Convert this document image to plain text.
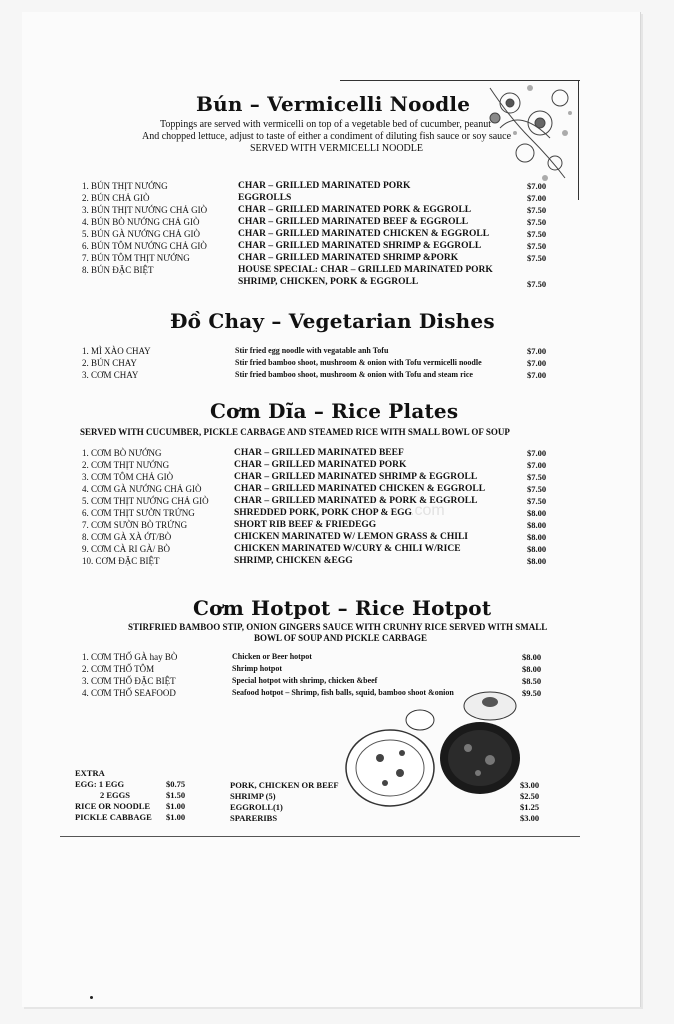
Bún – Vermicelli Noodle
Toppings are served with vermicelli on top of a vegetable bed of cucumber, peanut
And chopped lettuce, adjust to taste of either a condiment of diluting fish sauce or soy sauce
SERVED WITH VERMICELLI NOODLE
1. BÚN THỊT NƯỚNG	CHAR – GRILLED MARINATED PORK	$7.00
2. BÚN CHẢ GIÒ	EGGROLLS	$7.00
3. BÚN THỊT NƯỚNG CHẢ GIÒ	CHAR – GRILLED MARINATED PORK & EGGROLL	$7.50
4. BÚN BÒ NƯỚNG CHẢ GIÒ	CHAR – GRILLED MARINATED BEEF & EGGROLL	$7.50
5. BÚN GÀ NƯỚNG CHẢ GIÒ	CHAR – GRILLED MARINATED CHICKEN & EGGROLL	$7.50
6. BÚN TÔM NƯỚNG CHẢ GIÒ	CHAR – GRILLED MARINATED SHRIMP & EGGROLL	$7.50
7. BÚN TÔM THỊT NƯỚNG	CHAR – GRILLED MARINATED SHRIMP &PORK	$7.50
8. BÚN ĐẶC BIỆT	HOUSE SPECIAL: CHAR – GRILLED MARINATED PORK
SHRIMP, CHICKEN, PORK & EGGROLL	$7.50
Đồ Chay – Vegetarian Dishes
1. MÌ XÀO CHAY	Stir fried egg noodle with vegatable anh Tofu	$7.00
2. BÚN CHAY	Stir fried bamboo shoot, mushroom & onion with Tofu vermicelli noodle	$7.00
3. CƠM CHAY	Stir fried bamboo shoot, mushroom & onion with Tofu and steam rice	$7.00
Cơm Dĩa – Rice Plates
SERVED WITH CUCUMBER, PICKLE CARBAGE AND STEAMED RICE WITH SMALL BOWL OF SOUP
1. CƠM BÒ NƯỚNG	CHAR – GRILLED MARINATED BEEF	$7.00
2. CƠM THỊT NƯỚNG	CHAR – GRILLED MARINATED PORK	$7.00
3. CƠM TÔM CHẢ GIÒ	CHAR – GRILLED MARINATED SHRIMP & EGGROLL	$7.50
4. CƠM GÀ NƯỚNG CHẢ GIÒ	CHAR – GRILLED MARINATED CHICKEN & EGGROLL	$7.50
5. CƠM THỊT NƯỚNG CHẢ GIÒ	CHAR – GRILLED MARINATED & PORK & EGGROLL	$7.50
6. CƠM THỊT SƯỜN TRỨNG	SHREDDED PORK, PORK CHOP & EGG	$8.00
7. CƠM SƯỜN BÒ TRỨNG	SHORT RIB BEEF & FRIEDEGG	$8.00
8. CƠM GÀ XÀ ỚT/BÒ	CHICKEN MARINATED W/ LEMON GRASS & CHILI	$8.00
9. CƠM CÀ RI GÀ/ BÒ	CHICKEN MARINATED W/CURY & CHILI W/RICE	$8.00
10. CƠM ĐẶC BIỆT	SHRIMP, CHICKEN &EGG	$8.00
.com
Cơm Hotpot – Rice Hotpot
STIRFRIED BAMBOO STIP, ONION GINGERS SAUCE WITH CRUNHY RICE SERVED WITH SMALL
BOWL OF SOUP AND PICKLE CARBAGE
1. CƠM THỐ GÀ hay BÒ	Chicken or Beer hotpot	$8.00
2. CƠM THỐ TÔM	Shrimp hotpot	$8.00
3. CƠM THỐ ĐẶC BIỆT	Special hotpot with shrimp, chicken &beef	$8.50
4. CƠM THỐ SEAFOOD	Seafood hotpot – Shrimp, fish balls, squid, bamboo shoot &onion	$9.50
EXTRA
EGG: 1 EGG	$0.75
2 EGGS	$1.50
RICE OR NOODLE $1.00
PICKLE CABBAGE $1.00
PORK, CHICKEN OR BEEF	$3.00
SHRIMP (5)	$2.50
EGGROLL(1)	$1.25
SPARERIBS	$3.00
